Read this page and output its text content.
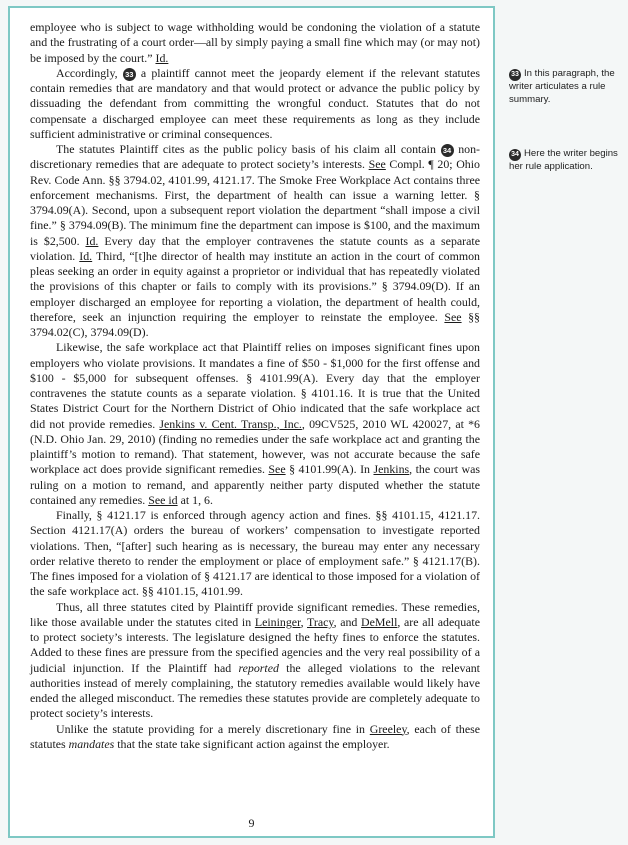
employee who is subject to wage withholding would be condoning the violation of a statute and the frustrating of a court order—all by simply paying a small fine which may (or may not) be imposed by the court.” Id.

Accordingly, 33 a plaintiff cannot meet the jeopardy element if the relevant statutes contain remedies that are mandatory and that would protect or advance the public policy by dissuading the defendant from committing the wrongful conduct. Statutes that do not compensate a discharged employee can meet these requirements as long as they include sufficient administrative or criminal consequences.

The statutes Plaintiff cites as the public policy basis of his claim all contain 34 non-discretionary remedies that are adequate to protect society’s interests. See Compl. ¶ 20; Ohio Rev. Code Ann. §§ 3794.02, 4101.99, 4121.17. The Smoke Free Workplace Act contains three enforcement mechanisms. First, the department of health can issue a warning letter. § 3794.09(A). Second, upon a subsequent report violation the department “shall impose a civil fine.” § 3794.09(B). The minimum fine the department can impose is $100, and the maximum is $2,500. Id. Every day that the employer contravenes the statute counts as a separate violation. Id. Third, “[t]he director of health may institute an action in the court of common pleas seeking an order in equity against a proprietor or individual that has repeatedly violated the provisions of this chapter or fails to comply with its provisions.” § 3794.09(D). If an employer discharged an employee for reporting a violation, the department of health could, therefore, seek an injunction requiring the employer to reinstate the employee. See §§ 3794.02(C), 3794.09(D).

Likewise, the safe workplace act that Plaintiff relies on imposes significant fines upon employers who violate provisions. It mandates a fine of $50 - $1,000 for the first offense and $100 - $5,000 for subsequent offenses. § 4101.99(A). Every day that the employer contravenes the statute counts as a separate violation. § 4101.16. It is true that the United States District Court for the Northern District of Ohio indicated that the safe workplace act did not provide remedies. Jenkins v. Cent. Transp., Inc., 09CV525, 2010 WL 420027, at *6 (N.D. Ohio Jan. 29, 2010) (finding no remedies under the safe workplace act and granting the plaintiff’s motion to remand). That statement, however, was not accurate because the safe workplace act does provide significant remedies. See § 4101.99(A). In Jenkins, the court was ruling on a motion to remand, and apparently neither party disputed whether the statute contained any remedies. See id at 1, 6.

Finally, § 4121.17 is enforced through agency action and fines. §§ 4101.15, 4121.17. Section 4121.17(A) orders the bureau of workers’ compensation to investigate reported violations. Then, “[after] such hearing as is necessary, the bureau may enter any necessary order relative thereto to render the employment or place of employment safe.” § 4121.17(B). The fines imposed for a violation of § 4121.17 are identical to those imposed for a violation of the safe workplace act. §§ 4101.15, 4101.99.

Thus, all three statutes cited by Plaintiff provide significant remedies. These remedies, like those available under the statutes cited in Leininger, Tracy, and DeMell, are all adequate to protect society’s interests. The legislature designed the hefty fines to enforce the statutes. Added to these fines are pressure from the specified agencies and the very real possibility of a judicial injunction. If the Plaintiff had reported the alleged violations to the relevant authorities instead of merely complaining, the statutory remedies available would likely have ended the alleged misconduct. The remedies these statutes provide are completely adequate to protect society’s interests.

Unlike the statute providing for a merely discretionary fine in Greeley, each of these statutes mandates that the state take significant action against the employer.

9
33 In this paragraph, the writer articulates a rule summary.
34 Here the writer begins her rule application.
